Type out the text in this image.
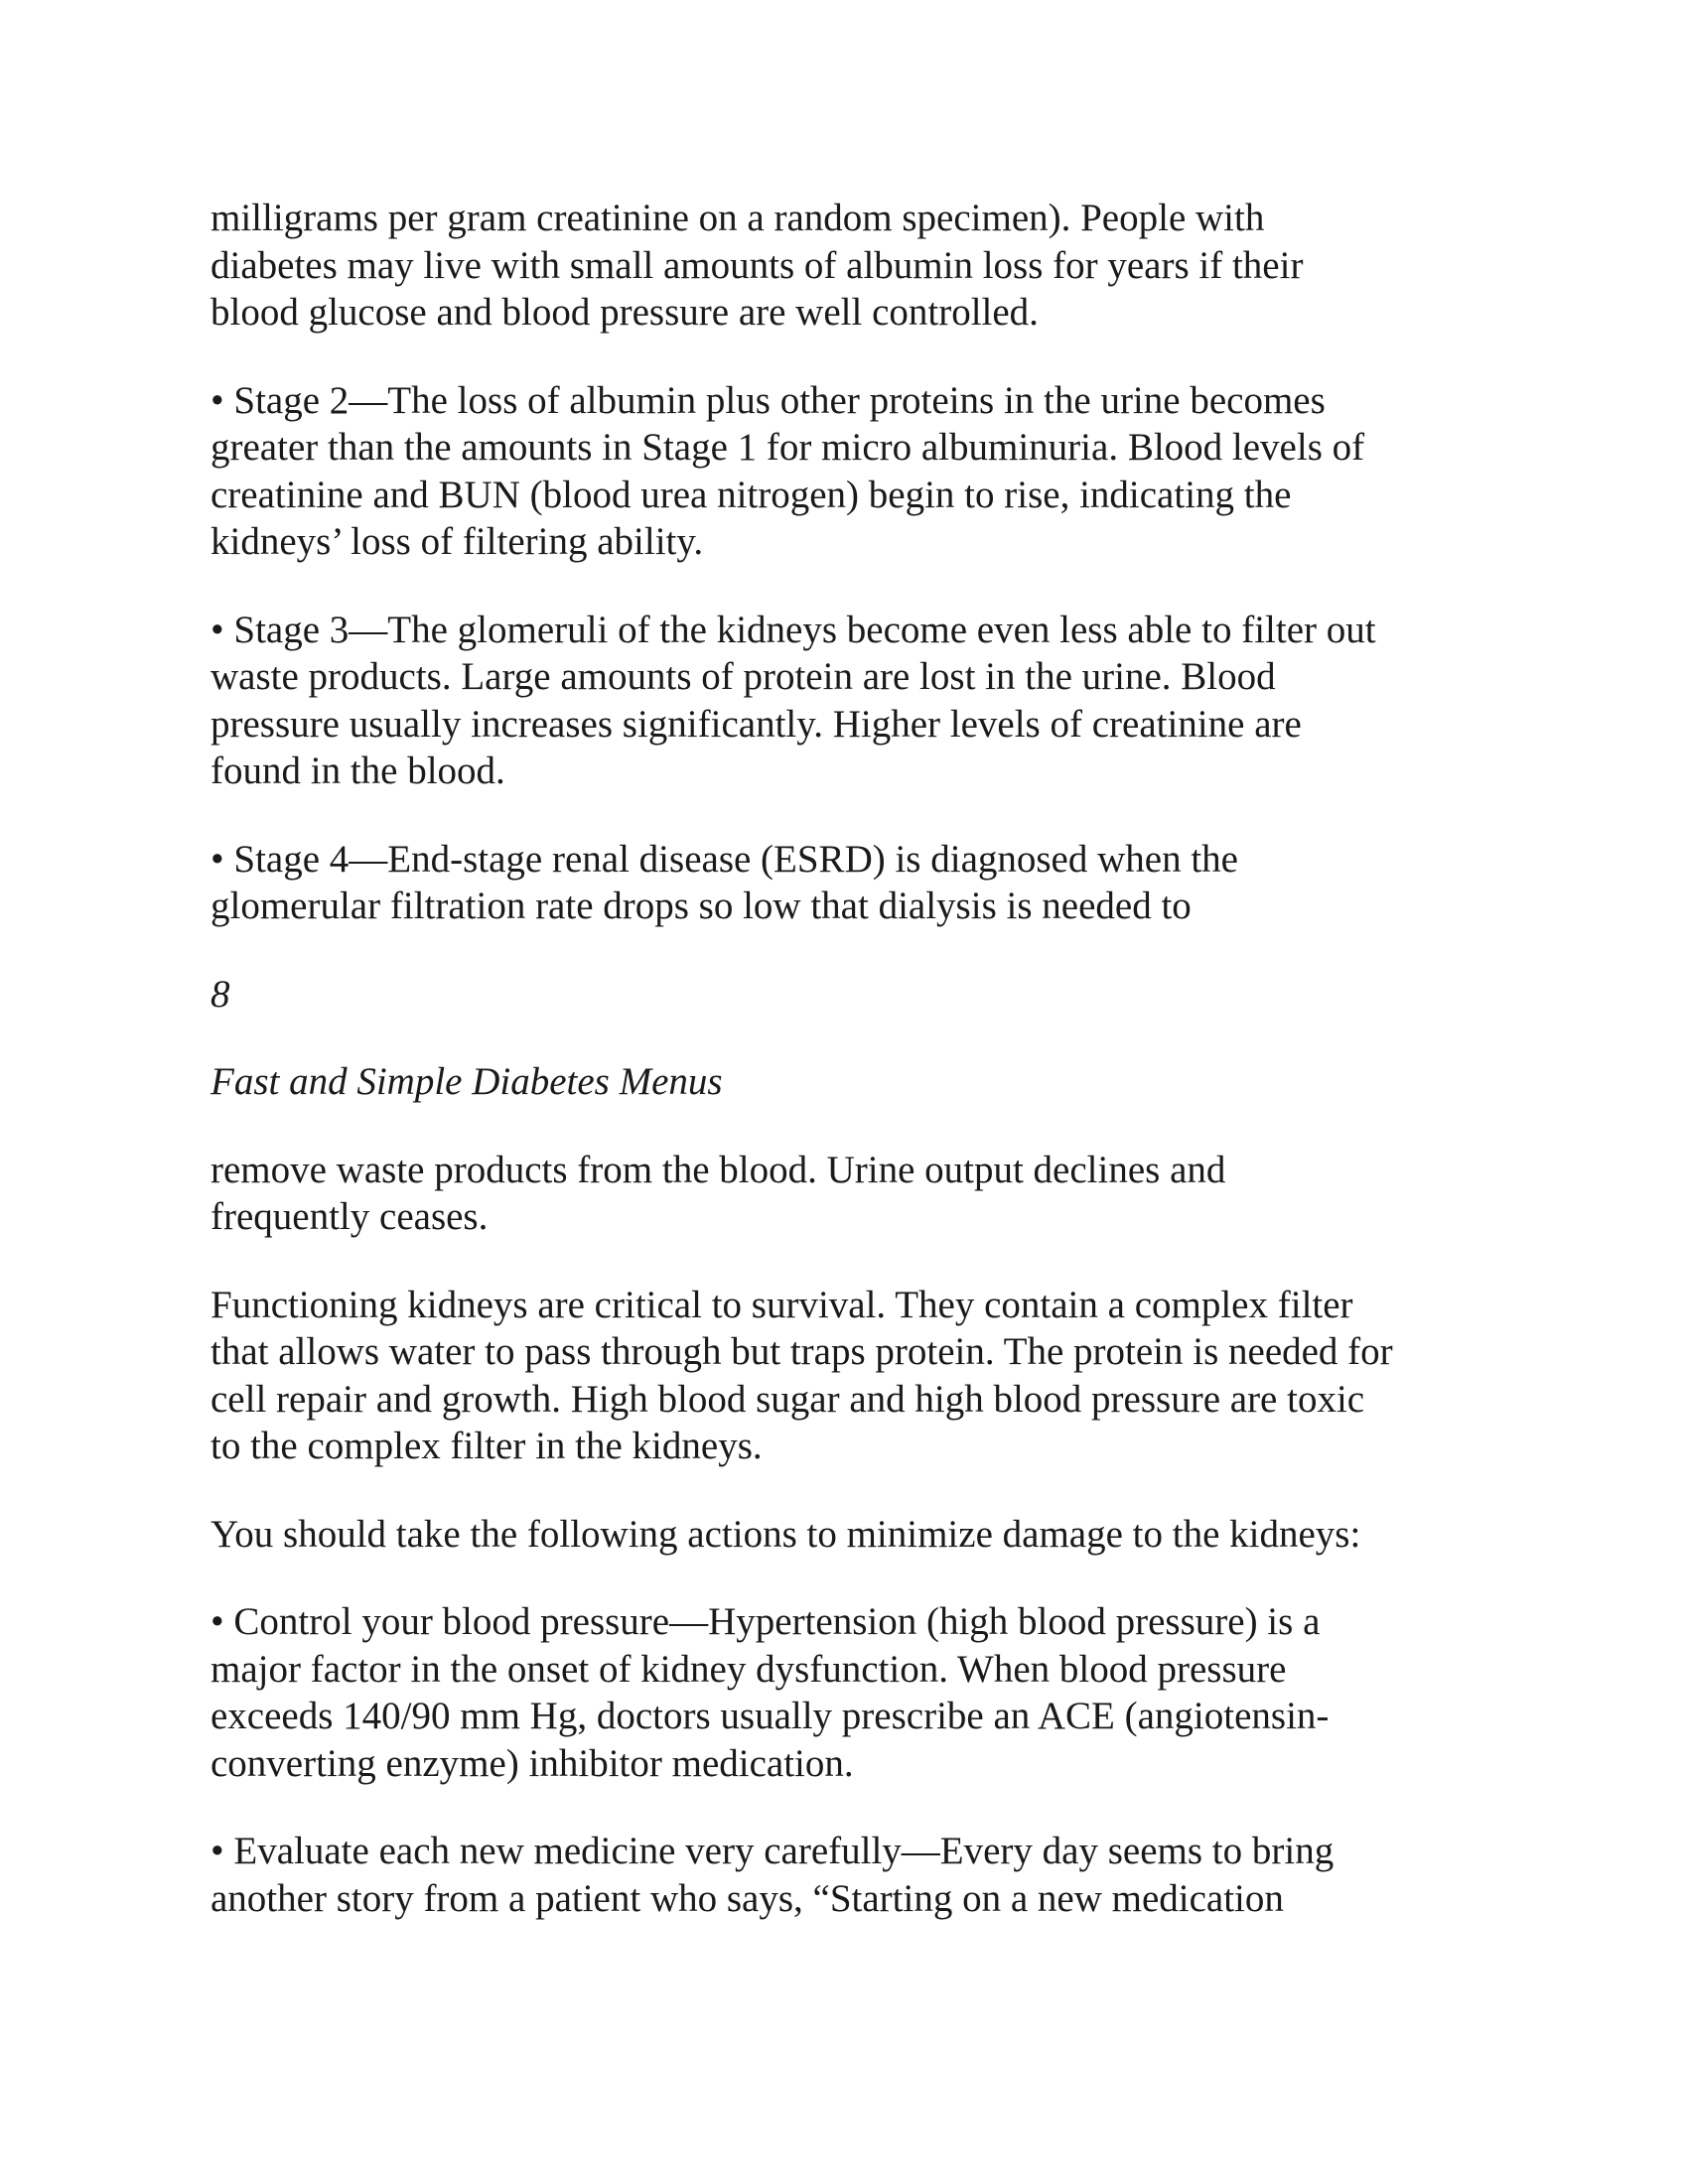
milligrams per gram creatinine on a random specimen). People with
diabetes may live with small amounts of albumin loss for years if their
blood glucose and blood pressure are well controlled.

• Stage 2—The loss of albumin plus other proteins in the urine becomes
greater than the amounts in Stage 1 for micro albuminuria. Blood levels of
creatinine and BUN (blood urea nitrogen) begin to rise, indicating the
kidneys’ loss of filtering ability.

• Stage 3—The glomeruli of the kidneys become even less able to filter out
waste products. Large amounts of protein are lost in the urine. Blood
pressure usually increases significantly. Higher levels of creatinine are
found in the blood.

• Stage 4—End-stage renal disease (ESRD) is diagnosed when the
glomerular filtration rate drops so low that dialysis is needed to

8

Fast and Simple Diabetes Menus

remove waste products from the blood. Urine output declines and
frequently ceases.

Functioning kidneys are critical to survival. They contain a complex filter
that allows water to pass through but traps protein. The protein is needed for
cell repair and growth. High blood sugar and high blood pressure are toxic
to the complex filter in the kidneys.

You should take the following actions to minimize damage to the kidneys:

• Control your blood pressure—Hypertension (high blood pressure) is a
major factor in the onset of kidney dysfunction. When blood pressure
exceeds 140/90 mm Hg, doctors usually prescribe an ACE (angiotensin-
converting enzyme) inhibitor medication.

• Evaluate each new medicine very carefully—Every day seems to bring
another story from a patient who says, “Starting on a new medication
